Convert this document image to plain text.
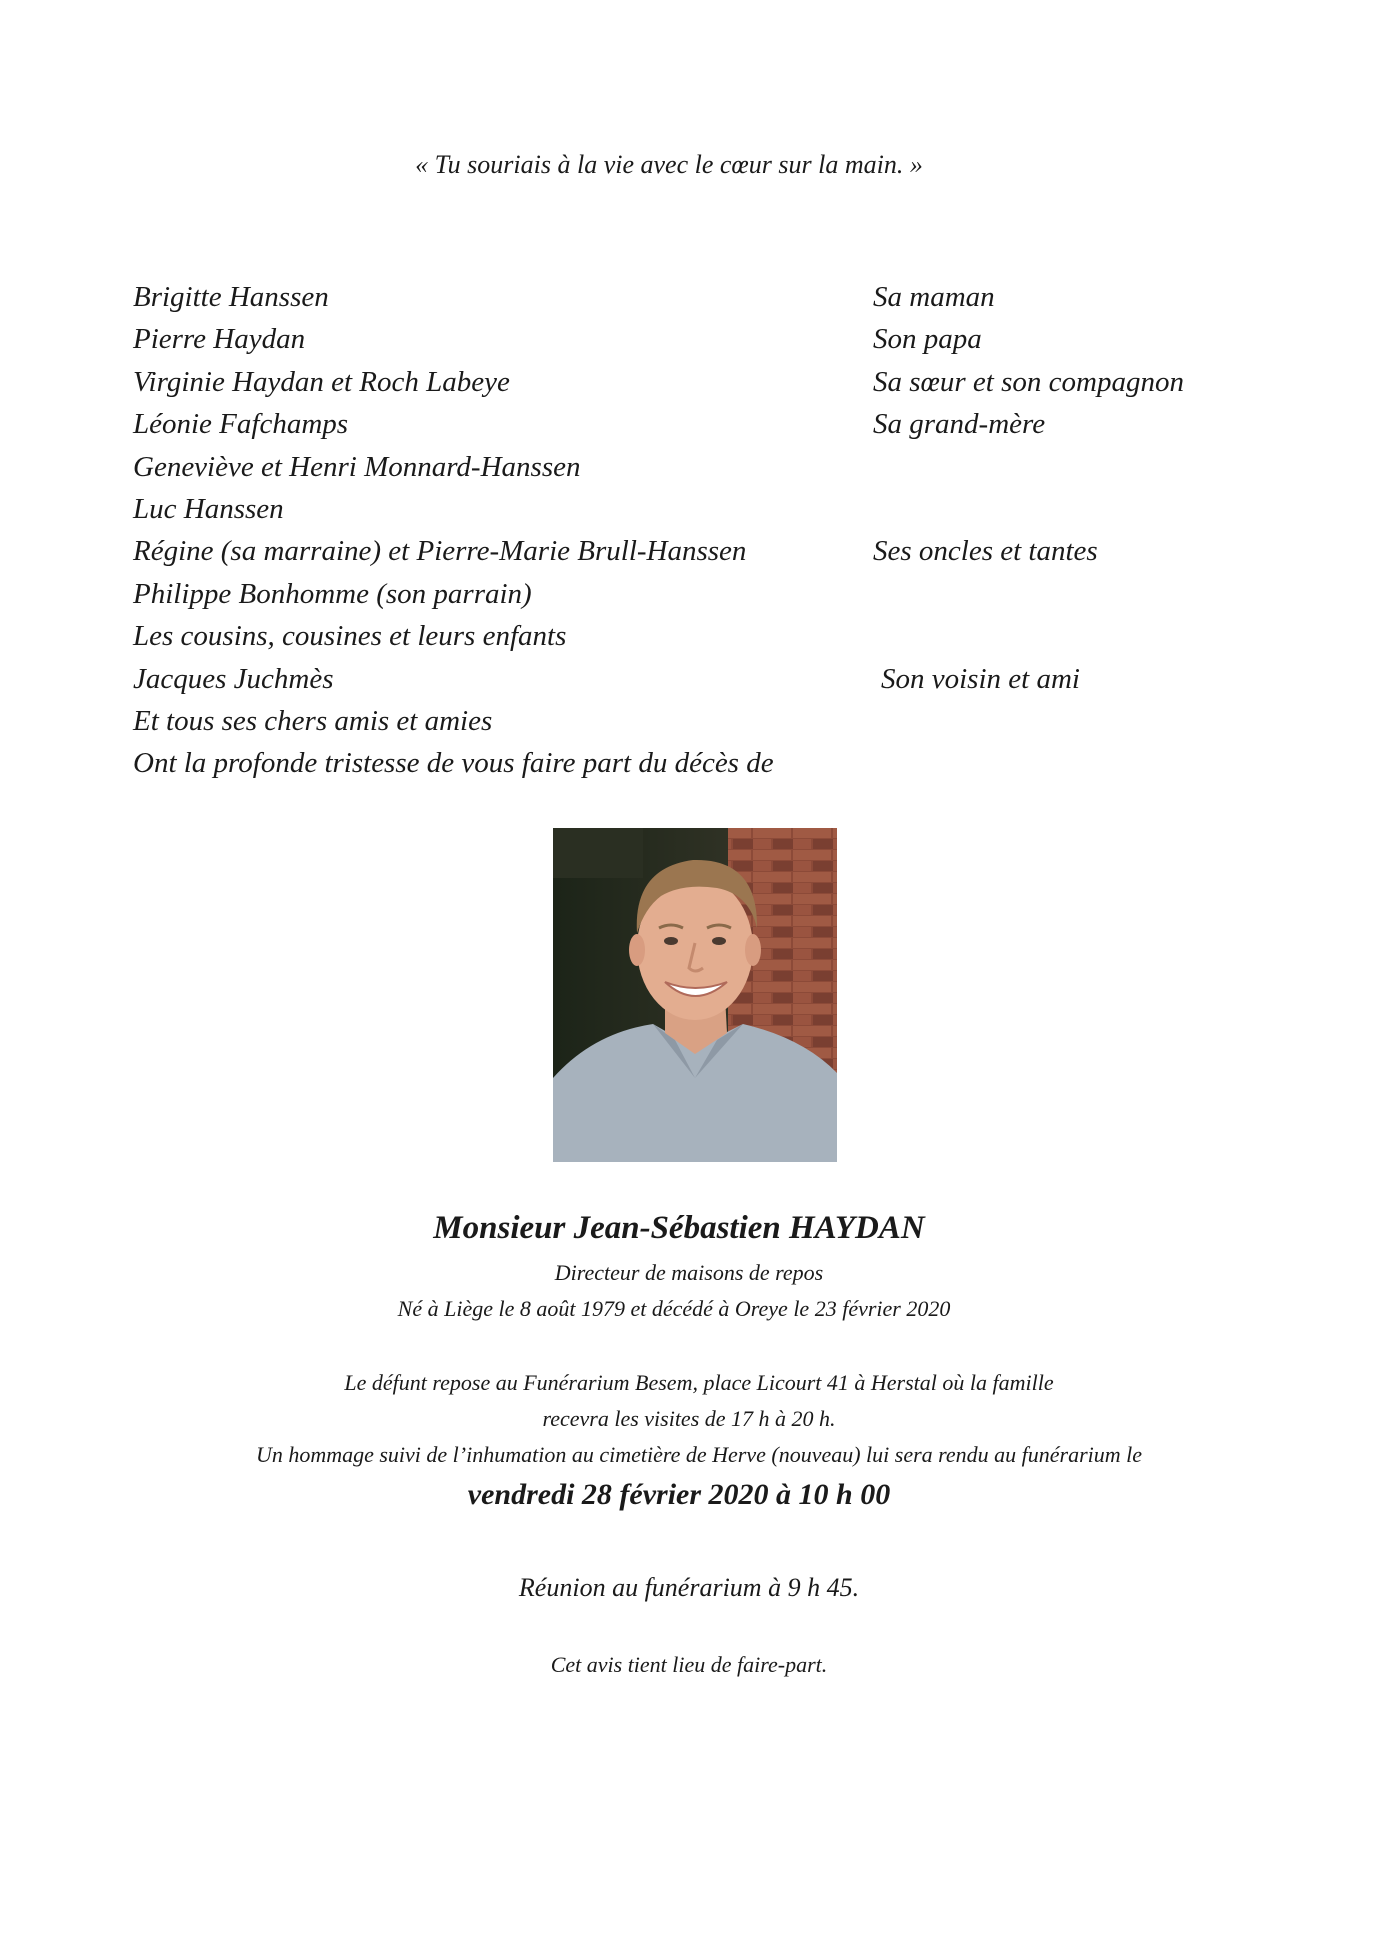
« Tu souriais à la vie avec le cœur sur la main. »
Brigitte Hanssen	Sa maman
Pierre Haydan	Son papa
Virginie Haydan et Roch Labeye	Sa sœur et son compagnon
Léonie Fafchamps	Sa grand-mère
Geneviève et Henri Monnard-Hanssen
Luc Hanssen
Régine (sa marraine) et Pierre-Marie Brull-Hanssen	Ses oncles et tantes
Philippe Bonhomme (son parrain)
Les cousins, cousines et leurs enfants
Jacques Juchmès	Son voisin et ami
Et tous ses chers amis et amies
Ont la profonde tristesse de vous faire part du décès de
Monsieur Jean-Sébastien HAYDAN
Directeur de maisons de repos
Né à Liège le 8 août 1979 et décédé à Oreye le 23 février 2020
Le défunt repose au Funérarium Besem, place Licourt 41 à Herstal où la famille
recevra les visites de 17 h à 20 h.
Un hommage suivi de l’inhumation au cimetière de Herve (nouveau) lui sera rendu au funérarium le
vendredi 28 février 2020 à 10 h 00
Réunion au funérarium à 9 h 45.
Cet avis tient lieu de faire-part.
